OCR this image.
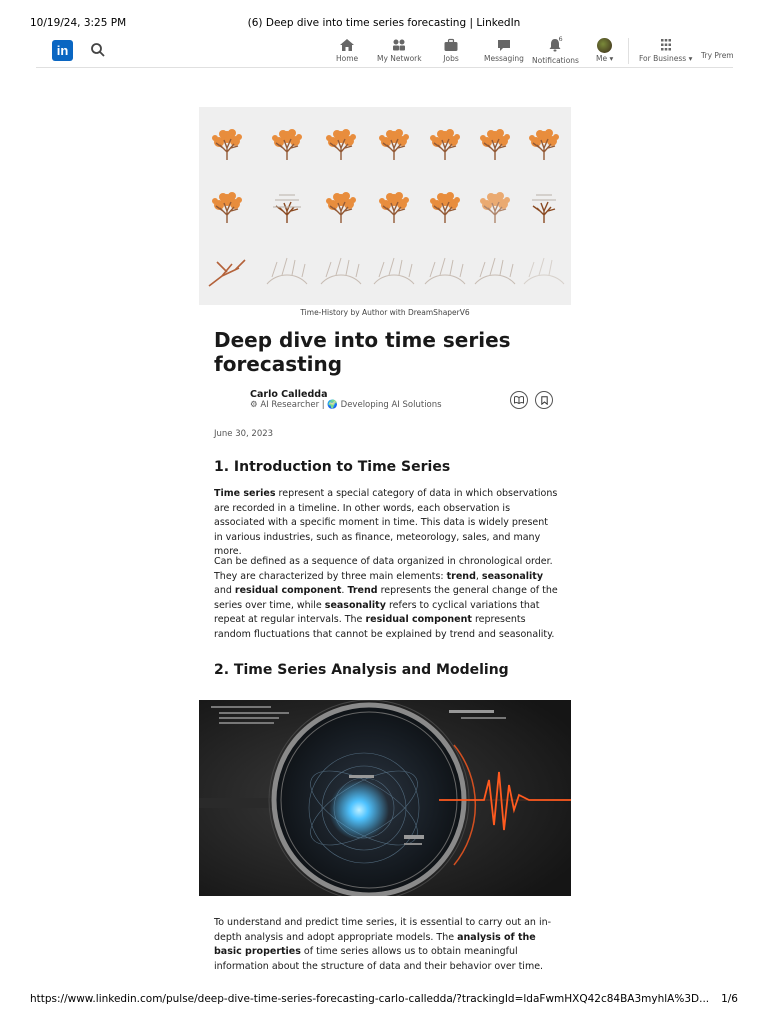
10/19/24, 3:25 PM	(6) Deep dive into time series forecasting | LinkedIn
in
Home	My Network	Jobs	Messaging
6
Notifications Me ▾	For Business ▾ Try Prem
Time-History by Author with DreamShaperV6
Deep dive into time series forecasting
Carlo Calledda
⚙ AI Researcher | 🌍 Developing AI Solutions
June 30, 2023
1. Introduction to Time Series

Time series represent a special category of data in which observations are recorded in a timeline. In other words, each observation is associated with a specific moment in time. This data is widely present in various industries, such as finance, meteorology, sales, and many more.

Can be defined as a sequence of data organized in chronological order. They are characterized by three main elements: trend, seasonality and residual component. Trend represents the general change of the series over time, while seasonality refers to cyclical variations that repeat at regular intervals. The residual component represents random fluctuations that cannot be explained by trend and seasonality.

2. Time Series Analysis and Modeling

To understand and predict time series, it is essential to carry out an in-depth analysis and adopt appropriate models. The analysis of the basic properties of time series allows us to obtain meaningful information about the structure of data and their behavior over time.

https://www.linkedin.com/pulse/deep-dive-time-series-forecasting-carlo-calledda/?trackingId=ldaFwmHXQ42c84BA3myhlA%3D... 1/6
